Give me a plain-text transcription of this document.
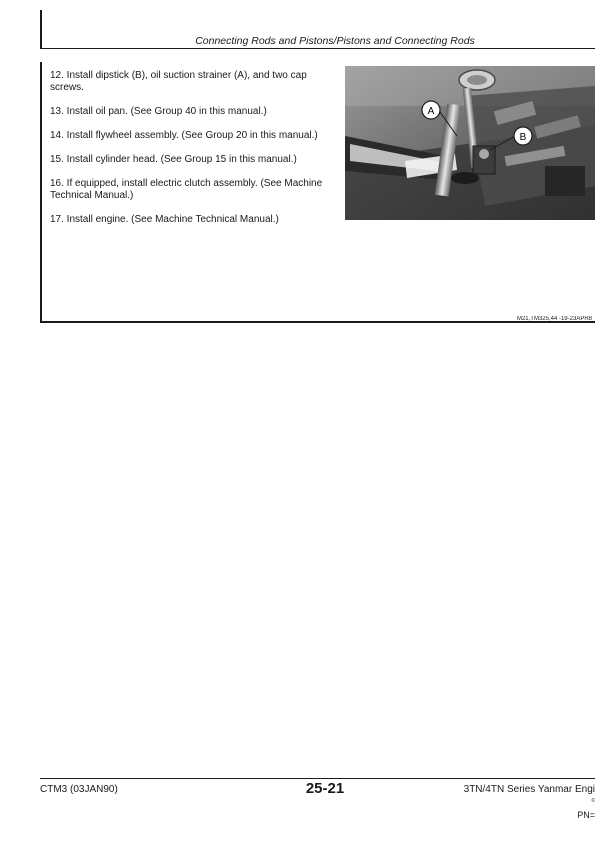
Connecting Rods and Pistons/Pistons and Connecting Rods

12. Install dipstick (B), oil suction strainer (A), and two cap screws.

13. Install oil pan. (See Group 40 in this manual.)

14. Install flywheel assembly. (See Group 20 in this manual.)

15. Install cylinder head. (See Group 15 in this manual.)

16. If equipped, install electric clutch assembly. (See Machine Technical Manual.)

17. Install engine. (See Machine Technical Manual.)

A
B
M21,TM325,44 -19-23APR8
CTM3 (03JAN90)	25-21	3TN/4TN Series Yanmar Engi
©
PN=
